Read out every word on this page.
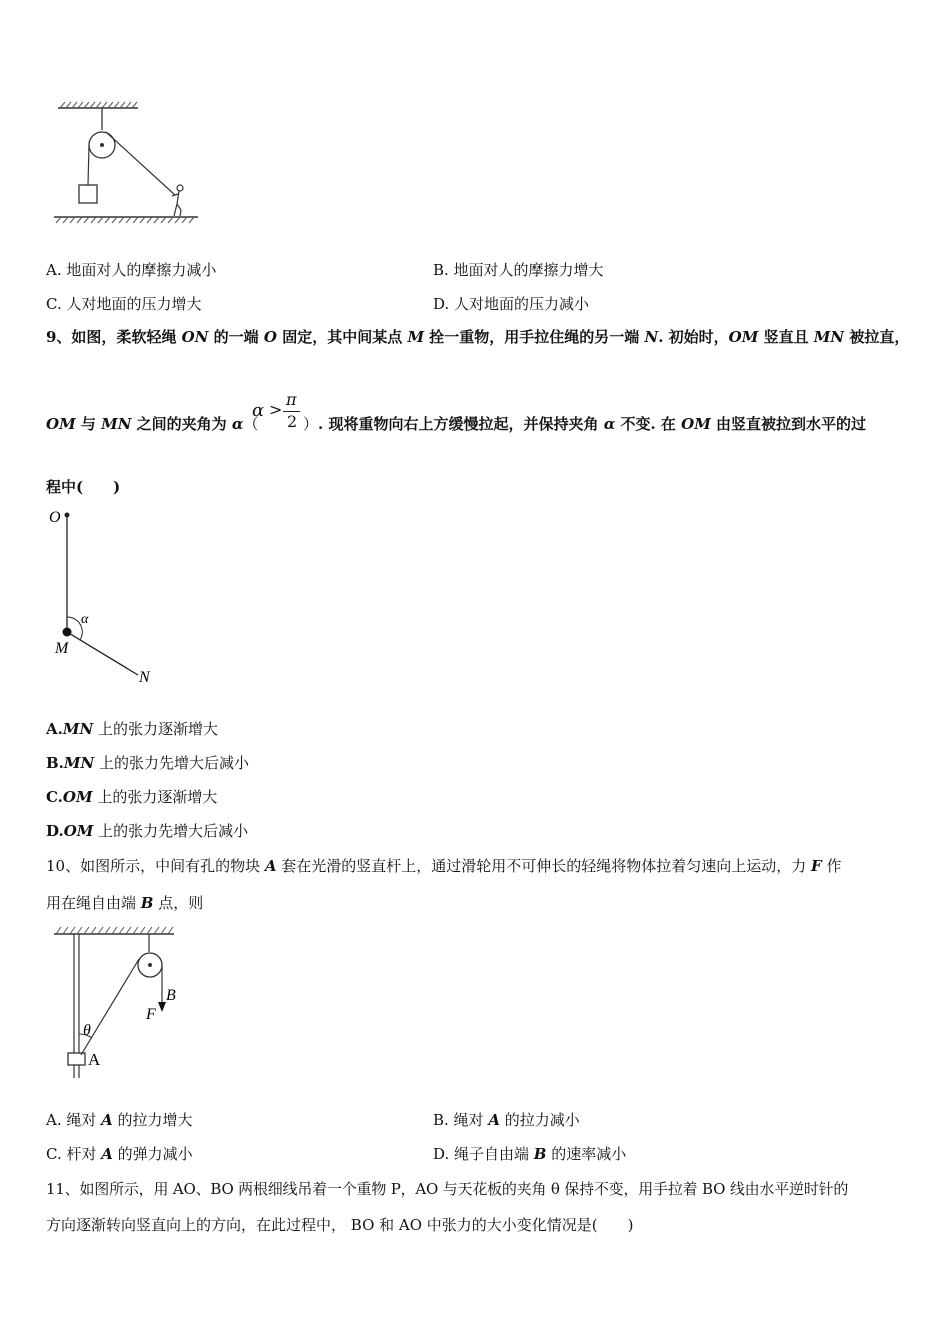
A. 地面对人的摩擦力减小	B. 地面对人的摩擦力增大
C. 人对地面的压力增大	D. 人对地面的压力减小
9、如图，柔软轻绳 ON 的一端 O 固定，其中间某点 M 拴一重物，用手拉住绳的另一端 N. 初始时，OM 竖直且 MN 被拉直，
OM 与 MN 之间的夹角为 α（
α >
π
2 ）. 现将重物向右上方缓慢拉起，并保持夹角 α 不变. 在 OM 由竖直被拉到水平的过
程中(　　)
O
α
M
N
A.MN 上的张力逐渐增大
B.MN 上的张力先增大后减小
C.OM 上的张力逐渐增大
D.OM 上的张力先增大后减小
10、如图所示，中间有孔的物块 A 套在光滑的竖直杆上，通过滑轮用不可伸长的轻绳将物体拉着匀速向上运动，力 F 作
用在绳自由端 B 点，则
θ
A
B
F
A. 绳对 A 的拉力增大	B. 绳对 A 的拉力减小
C. 杆对 A 的弹力减小	D. 绳子自由端 B 的速率减小
11、如图所示，用 AO、BO 两根细线吊着一个重物 P，AO 与天花板的夹角 θ 保持不变，用手拉着 BO 线由水平逆时针的
方向逐渐转向竖直向上的方向，在此过程中， BO 和 AO 中张力的大小变化情况是(　　)
